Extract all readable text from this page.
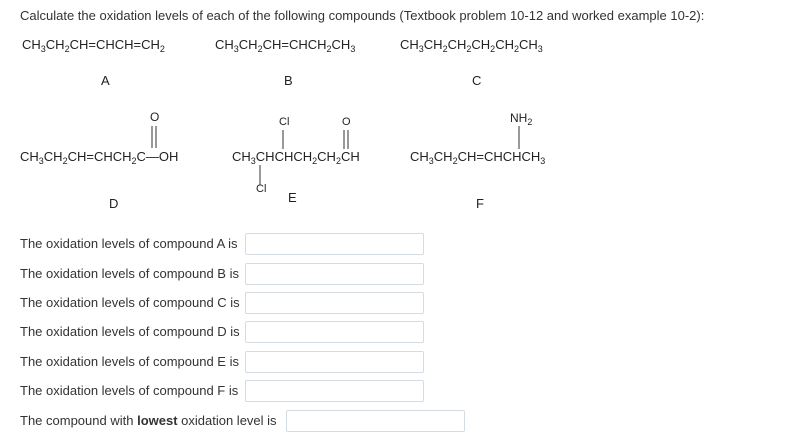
Calculate the oxidation levels of each of the following compounds (Textbook problem 10-12 and worked example 10-2):
$CH_3CH_2CH=CHCH=CH_2$	$CH_3CH_2CH=CHCH_2CH_3$	$CH_3CH_2CH_2CH_2CH_2CH_3$
A	B	C
O
$CH_3CH_2CH=CHCH_2C—OH$
D
Cl	O
$CH_3CHCHCH_2CH_2CH$
Cl
E
$NH_2$
$CH_3CH_2CH=CHCHCH_3$
F
The oxidation levels of compound A is
The oxidation levels of compound B is
The oxidation levels of compound C is
The oxidation levels of compound D is
The oxidation levels of compound E is
The oxidation levels of compound F is
The compound with lowest oxidation level is
